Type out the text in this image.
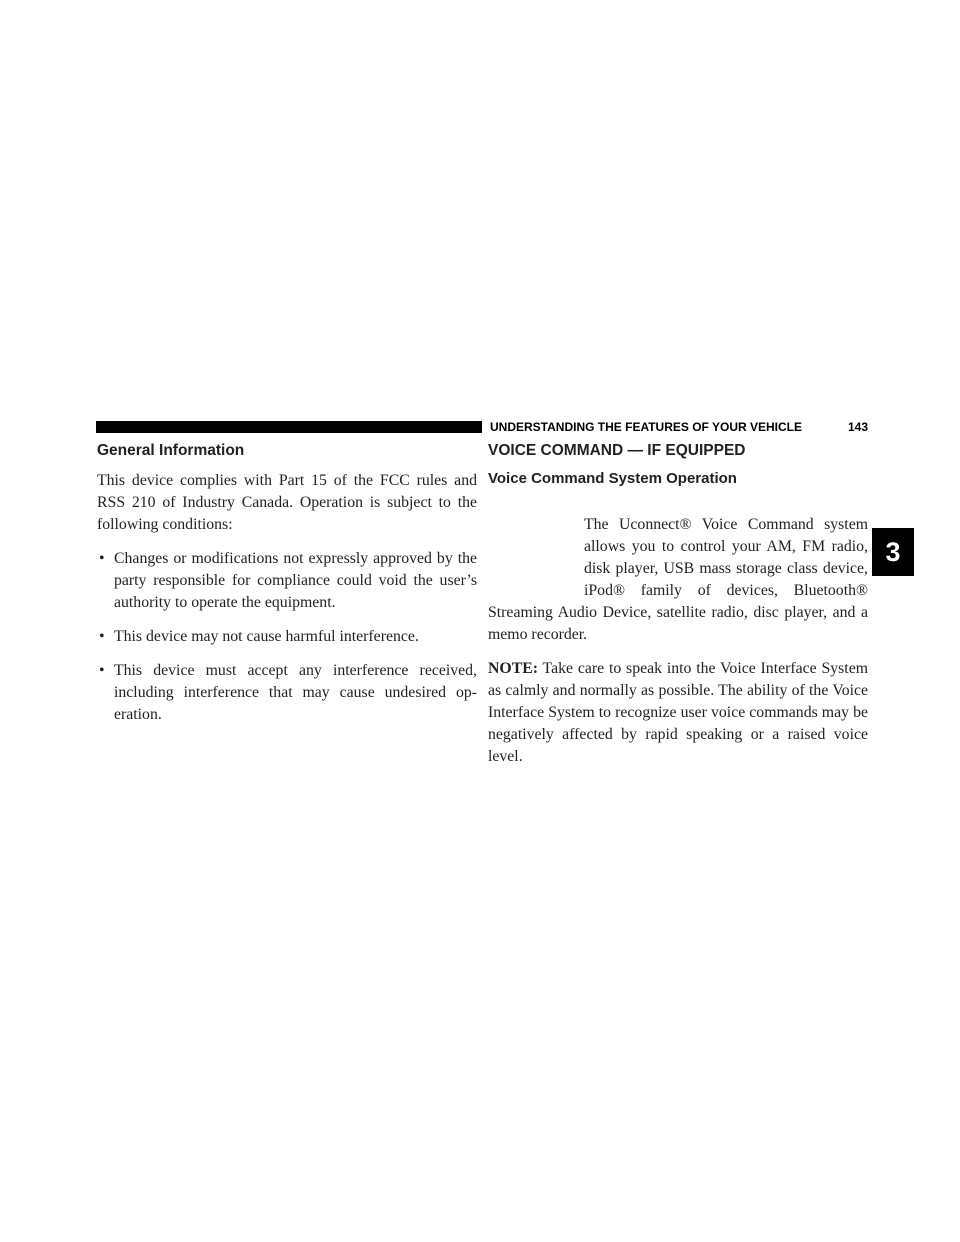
UNDERSTANDING THE FEATURES OF YOUR VEHICLE	143
3
General Information

This device complies with Part 15 of the FCC rules and RSS 210 of Industry Canada. Operation is subject to the following conditions:

• Changes or modifications not expressly approved by the party responsible for compliance could void the user’s authority to operate the equipment.
• This device may not cause harmful interference.
• This device must accept any interference received, including interference that may cause undesired op-eration.
VOICE COMMAND — IF EQUIPPED
Voice Command System Operation

The Uconnect® Voice Command system allows you to control your AM, FM radio, disk player, USB mass storage class device, iPod® family of devices, Bluetooth® Streaming Audio Device, satellite radio, disc player, and a memo recorder.

NOTE: Take care to speak into the Voice Interface System as calmly and normally as possible. The ability of the Voice Interface System to recognize user voice commands may be negatively affected by rapid speaking or a raised voice level.
